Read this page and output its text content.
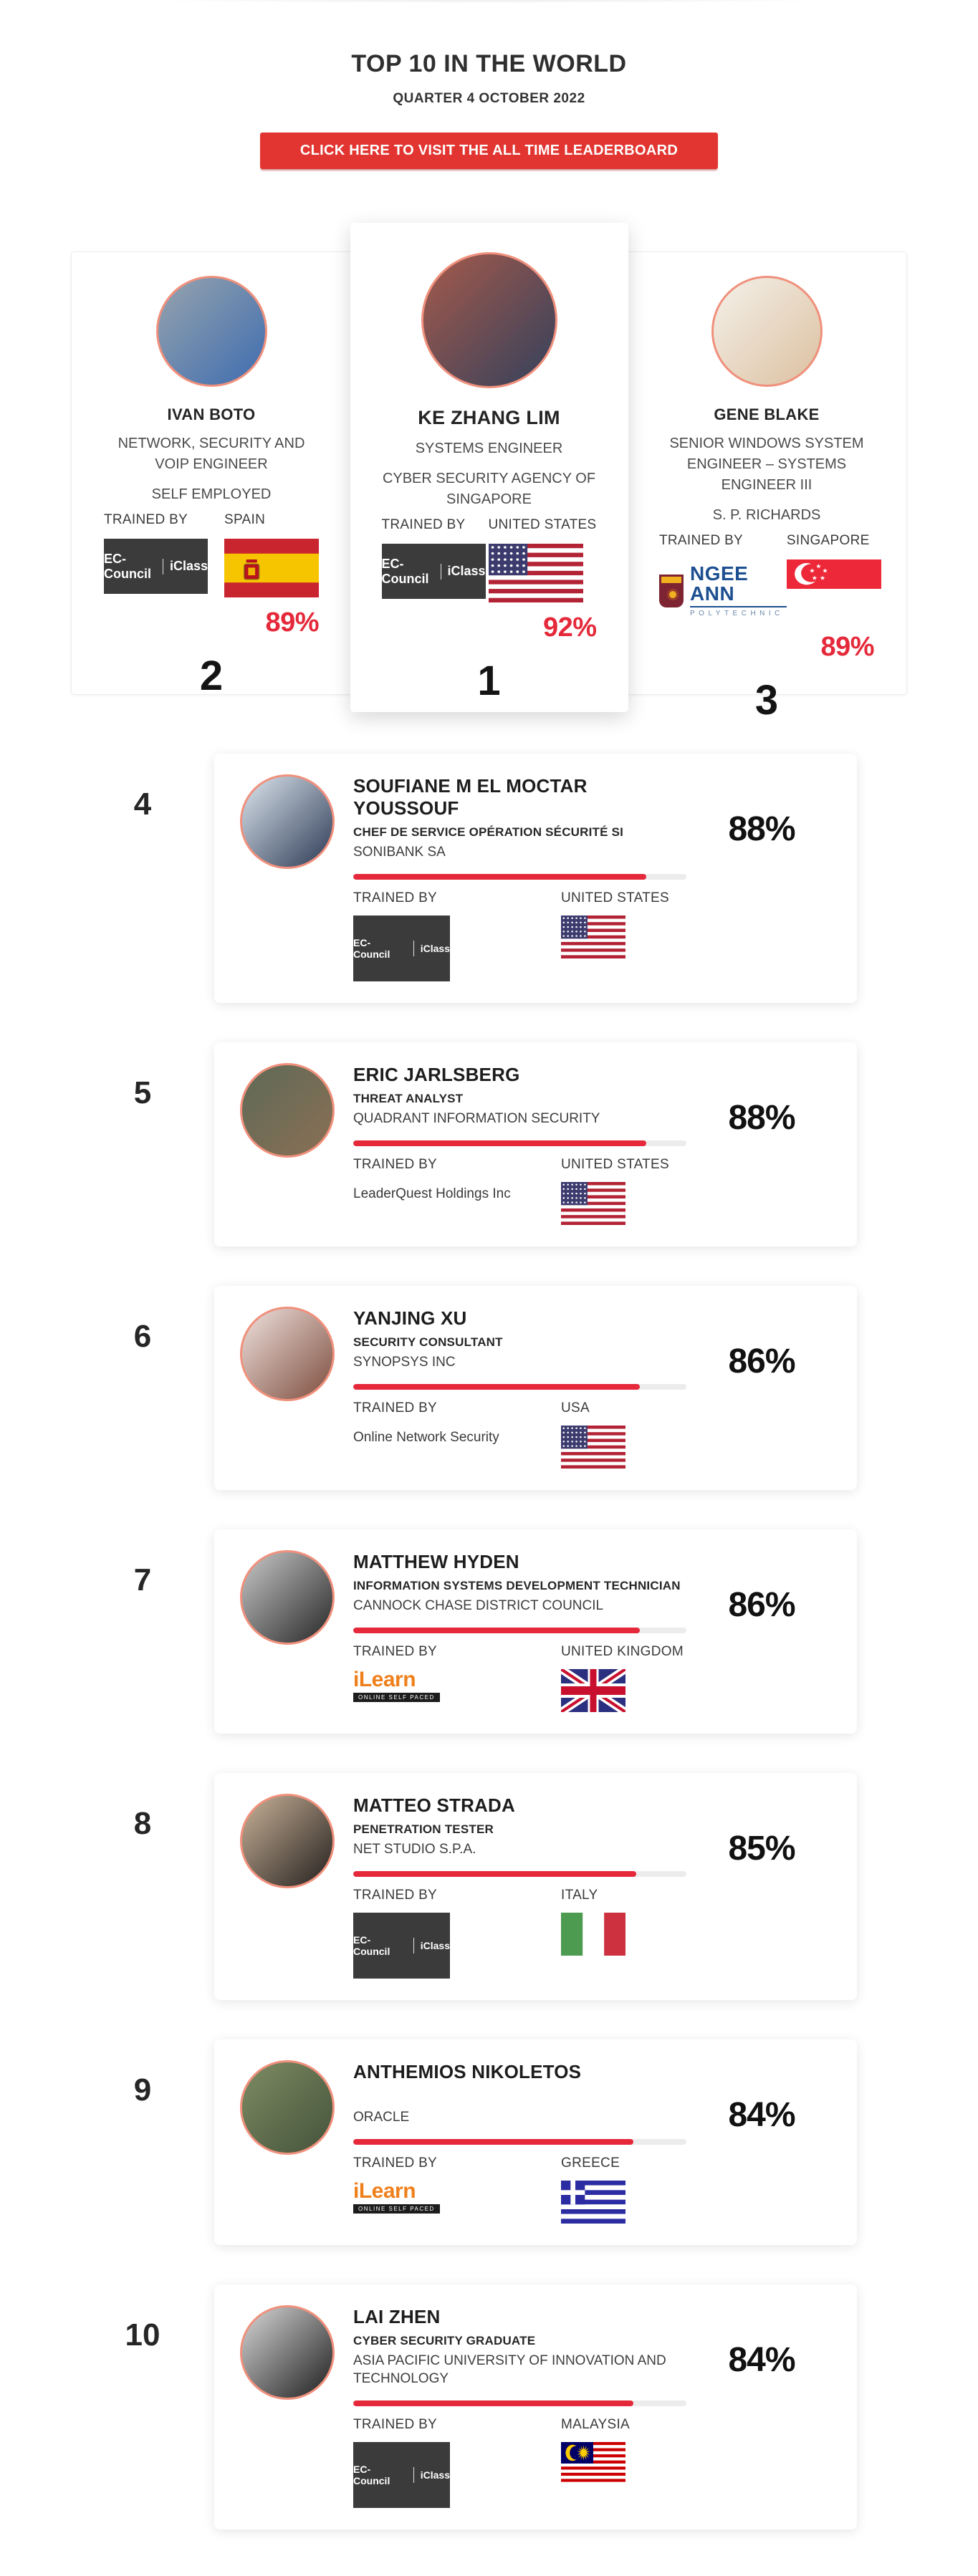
TOP 10 IN THE WORLD
QUARTER 4 OCTOBER 2022
CLICK HERE TO VISIT THE ALL TIME LEADERBOARD
IVAN BOTO
NETWORK, SECURITY AND VOIP ENGINEER
SELF EMPLOYED
TRAINED BY
EC-Council
iClass
SPAIN
89%
2
GENE BLAKE
SENIOR WINDOWS SYSTEM ENGINEER – SYSTEMS ENGINEER III
S. P. RICHARDS
TRAINED BY
NGEE ANN
POLYTECHNIC
SINGAPORE
89%
3
KE ZHANG LIM
SYSTEMS ENGINEER
CYBER SECURITY AGENCY OF SINGAPORE
TRAINED BY
EC-Council
iClass
UNITED STATES
92%
1
4
SOUFIANE M EL MOCTAR YOUSSOUF
CHEF DE SERVICE OPÉRATION SÉCURITÉ SI
SONIBANK SA
TRAINED BY
EC-Council	iClass
UNITED STATES
88%
5
ERIC JARLSBERG
THREAT ANALYST
QUADRANT INFORMATION SECURITY
TRAINED BY
LeaderQuest Holdings Inc
UNITED STATES
88%
6
YANJING XU
SECURITY CONSULTANT
SYNOPSYS INC
TRAINED BY
Online Network Security
USA
86%
7
MATTHEW HYDEN
INFORMATION SYSTEMS DEVELOPMENT TECHNICIAN
CANNOCK CHASE DISTRICT COUNCIL
TRAINED BY
iLearn
ONLINE SELF PACED
UNITED KINGDOM
86%
8
MATTEO STRADA
PENETRATION TESTER
NET STUDIO S.P.A.
TRAINED BY
EC-Council	iClass
ITALY
85%
9
ANTHEMIOS NIKOLETOS
ORACLE
TRAINED BY
iLearn
ONLINE SELF PACED
GREECE
84%
10
LAI ZHEN
CYBER SECURITY GRADUATE
ASIA PACIFIC UNIVERSITY OF INNOVATION AND TECHNOLOGY
TRAINED BY
EC-Council	iClass
MALAYSIA
84%
